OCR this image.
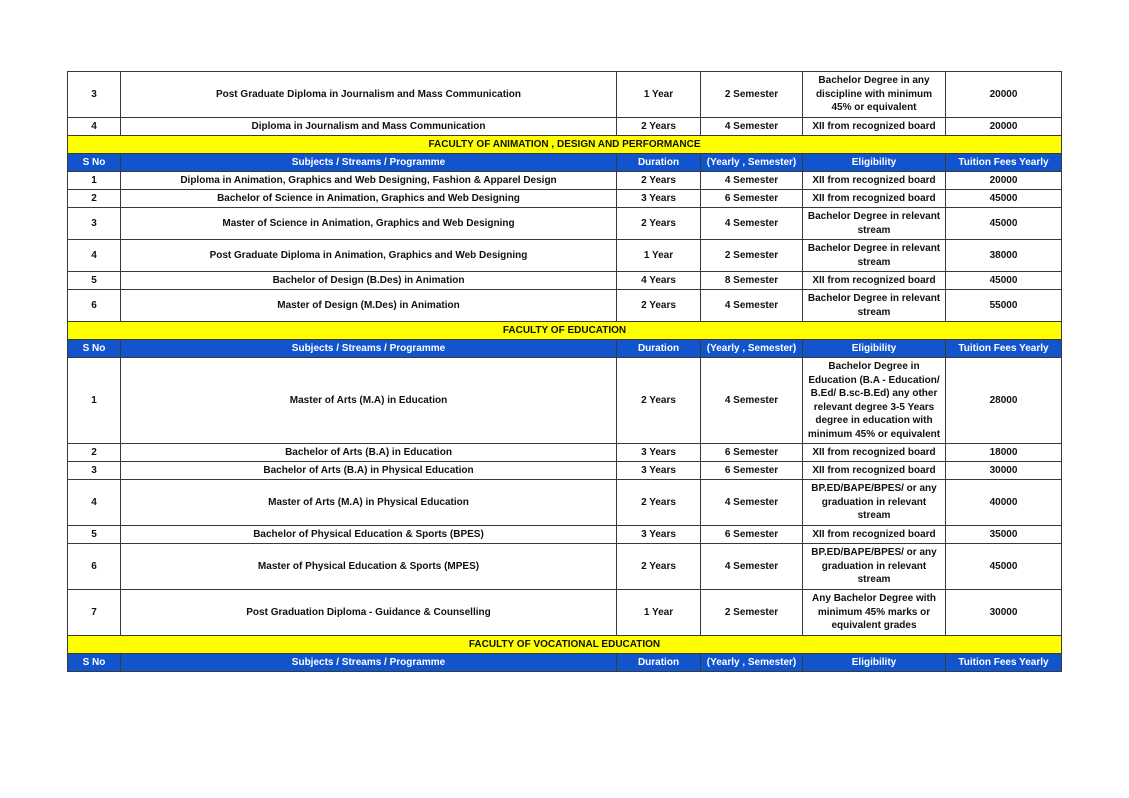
3	Post Graduate Diploma in Journalism and Mass Communication	1 Year	2 Semester	Bachelor Degree in any discipline with minimum 45% or equivalent	20000
4	Diploma in Journalism and Mass Communication	2 Years	4 Semester	XII from recognized board	20000
FACULTY OF ANIMATION , DESIGN AND PERFORMANCE					
S No	Subjects / Streams / Programme	Duration	(Yearly , Semester)	Eligibility	Tuition Fees Yearly
1	Diploma in Animation, Graphics and Web Designing, Fashion & Apparel Design	2 Years	4 Semester	XII from recognized board	20000
2	Bachelor of Science in Animation, Graphics and Web Designing	3 Years	6 Semester	XII from recognized board	45000
3	Master of Science in Animation, Graphics and Web Designing	2 Years	4 Semester	Bachelor Degree in relevant stream	45000
4	Post Graduate Diploma in Animation, Graphics and Web Designing	1 Year	2 Semester	Bachelor Degree in relevant stream	38000
5	Bachelor of Design (B.Des) in Animation	4 Years	8 Semester	XII from recognized board	45000
6	Master of Design (M.Des) in Animation	2 Years	4 Semester	Bachelor Degree in relevant stream	55000
FACULTY OF EDUCATION					
S No	Subjects / Streams / Programme	Duration	(Yearly , Semester)	Eligibility	Tuition Fees Yearly
1	Master of Arts (M.A) in Education	2 Years	4 Semester	Bachelor Degree in Education (B.A - Education/ B.Ed/ B.sc-B.Ed) any other relevant degree 3-5 Years degree in education with minimum 45% or equivalent	28000
2	Bachelor of Arts (B.A) in Education	3 Years	6 Semester	XII from recognized board	18000
3	Bachelor of Arts (B.A) in Physical Education	3 Years	6 Semester	XII from recognized board	30000
4	Master of Arts (M.A) in Physical Education	2 Years	4 Semester	BP.ED/BAPE/BPES/ or any graduation in relevant stream	40000
5	Bachelor of Physical Education & Sports (BPES)	3 Years	6 Semester	XII from recognized board	35000
6	Master of Physical Education & Sports (MPES)	2 Years	4 Semester	BP.ED/BAPE/BPES/ or any graduation in relevant stream	45000
7	Post Graduation Diploma - Guidance & Counselling	1 Year	2 Semester	Any Bachelor Degree with minimum 45% marks or equivalent grades	30000
FACULTY OF VOCATIONAL EDUCATION					
S No	Subjects / Streams / Programme	Duration	(Yearly , Semester)	Eligibility	Tuition Fees Yearly
